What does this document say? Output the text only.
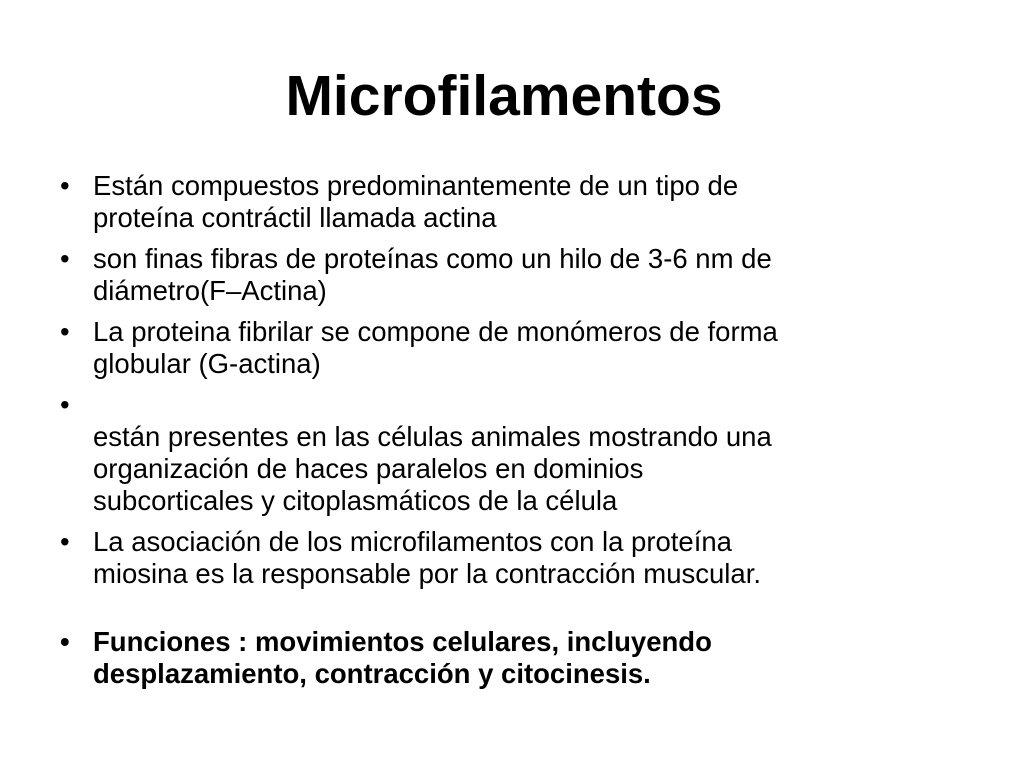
Microfilamentos
• Están compuestos predominantemente de un tipo de
proteína contráctil llamada actina
• son finas fibras de proteínas como un hilo de 3-6 nm de
diámetro(F–Actina)
• La proteina fibrilar se compone de monómeros de forma
globular (G-actina)
•
están presentes en las células animales mostrando una
organización de haces paralelos en dominios
subcorticales y citoplasmáticos de la célula
• La asociación de los microfilamentos con la proteína
miosina es la responsable por la contracción muscular.
• Funciones : movimientos celulares, incluyendo
desplazamiento, contracción y citocinesis.
